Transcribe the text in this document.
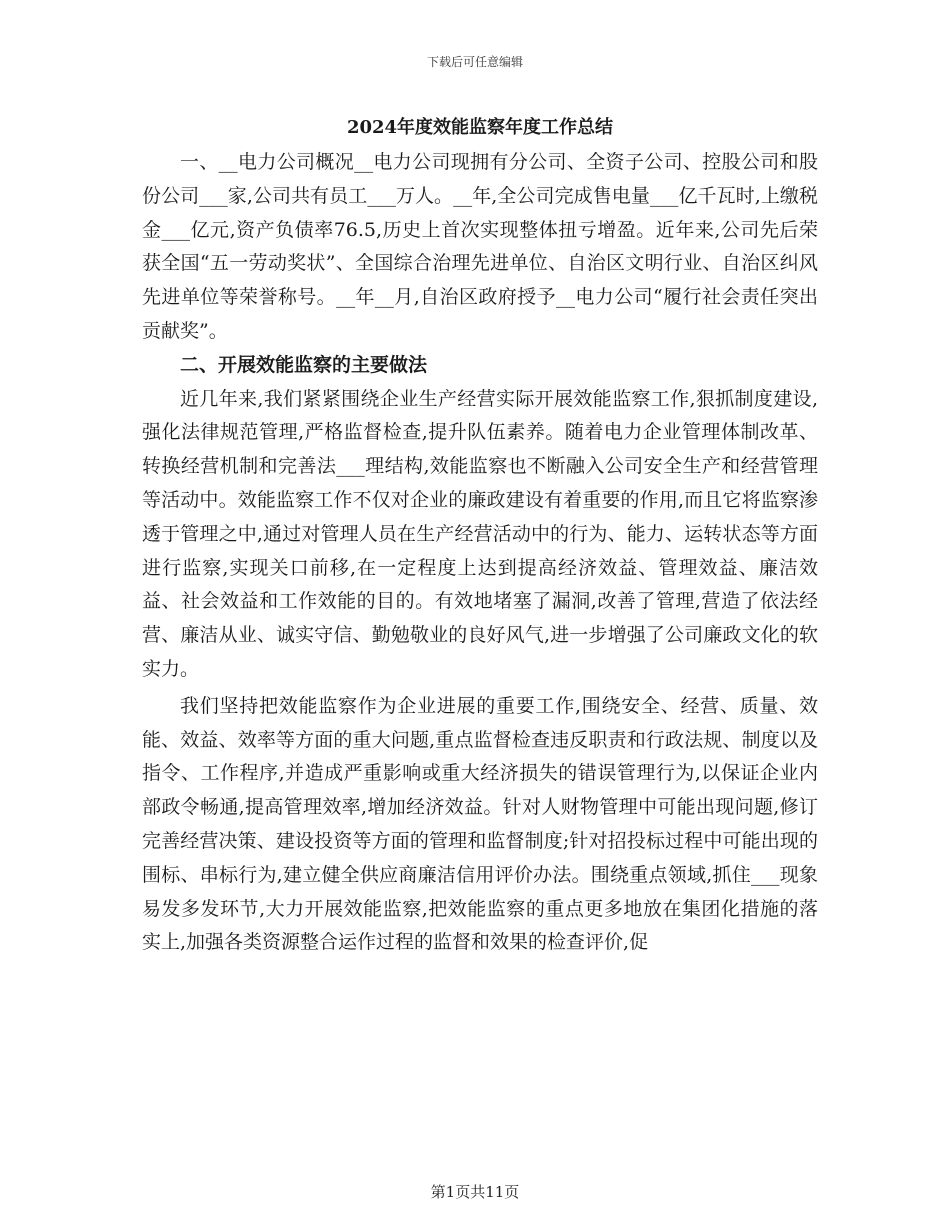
下载后可任意编辑
2024年度效能监察年度工作总结

一、__电力公司概况__电力公司现拥有分公司、全资子公司、控股公司和股份公司___家,公司共有员工___万人。__年,全公司完成售电量___亿千瓦时,上缴税金___亿元,资产负债率76.5,历史上首次实现整体扭亏增盈。近年来,公司先后荣获全国“五一劳动奖状”、全国综合治理先进单位、自治区文明行业、自治区纠风先进单位等荣誉称号。__年__月,自治区政府授予__电力公司“履行社会责任突出贡献奖”。

二、开展效能监察的主要做法

近几年来,我们紧紧围绕企业生产经营实际开展效能监察工作,狠抓制度建设,强化法律规范管理,严格监督检查,提升队伍素养。随着电力企业管理体制改革、转换经营机制和完善法___理结构,效能监察也不断融入公司安全生产和经营管理等活动中。效能监察工作不仅对企业的廉政建设有着重要的作用,而且它将监察渗透于管理之中,通过对管理人员在生产经营活动中的行为、能力、运转状态等方面进行监察,实现关口前移,在一定程度上达到提高经济效益、管理效益、廉洁效益、社会效益和工作效能的目的。有效地堵塞了漏洞,改善了管理,营造了依法经营、廉洁从业、诚实守信、勤勉敬业的良好风气,进一步增强了公司廉政文化的软实力。

我们坚持把效能监察作为企业进展的重要工作,围绕安全、经营、质量、效能、效益、效率等方面的重大问题,重点监督检查违反职责和行政法规、制度以及指令、工作程序,并造成严重影响或重大经济损失的错误管理行为,以保证企业内部政令畅通,提高管理效率,增加经济效益。针对人财物管理中可能出现问题,修订完善经营决策、建设投资等方面的管理和监督制度;针对招投标过程中可能出现的围标、串标行为,建立健全供应商廉洁信用评价办法。围绕重点领域,抓住___现象易发多发环节,大力开展效能监察,把效能监察的重点更多地放在集团化措施的落实上,加强各类资源整合运作过程的监督和效果的检查评价,促

第1页共11页
